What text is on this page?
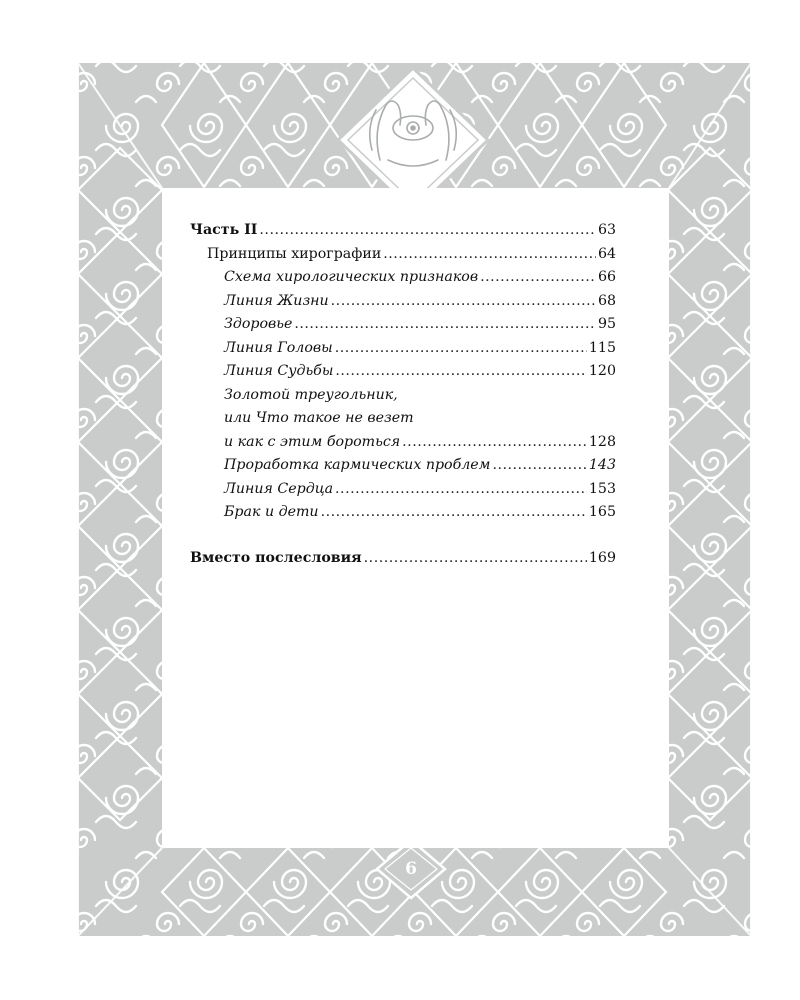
Часть II .....	63
Принципы хирографии .....	64
Схема хирологических признаков .....	66
Линия Жизни .....	68
Здоровье .....	95
Линия Головы .....	115
Линия Судьбы .....	120
Золотой треугольник,
или Что такое не везет
и как с этим бороться .....	128
Проработка кармических проблем .....	143
Линия Сердца .....	153
Брак и дети .....	165
Вместо послесловия .....	169
6
